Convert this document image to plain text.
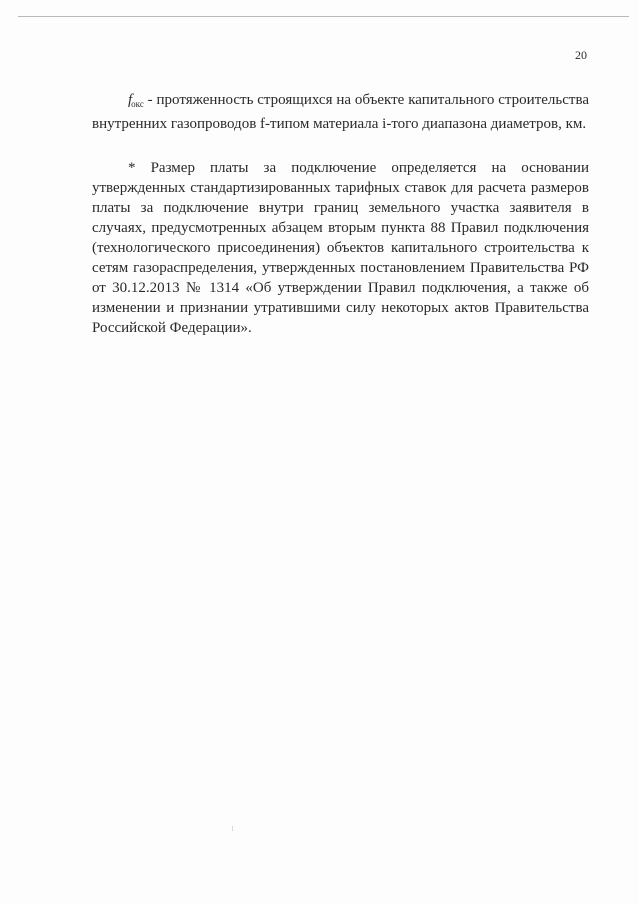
20

$f_{окс}$ - протяженность строящихся на объекте капитального строительства внутренних газопроводов f-типом материала i-того диапазона диаметров, км.

* Размер платы за подключение определяется на основании утвержденных стандартизированных тарифных ставок для расчета размеров платы за подключение внутри границ земельного участка заявителя в случаях, предусмотренных абзацем вторым пункта 88 Правил подключения (технологического присоединения) объектов капитального строительства к сетям газораспределения, утвержденных постановлением Правительства РФ от 30.12.2013 № 1314 «Об утверждении Правил подключения, а также об изменении и признании утратившими силу некоторых актов Правительства Российской Федерации».
